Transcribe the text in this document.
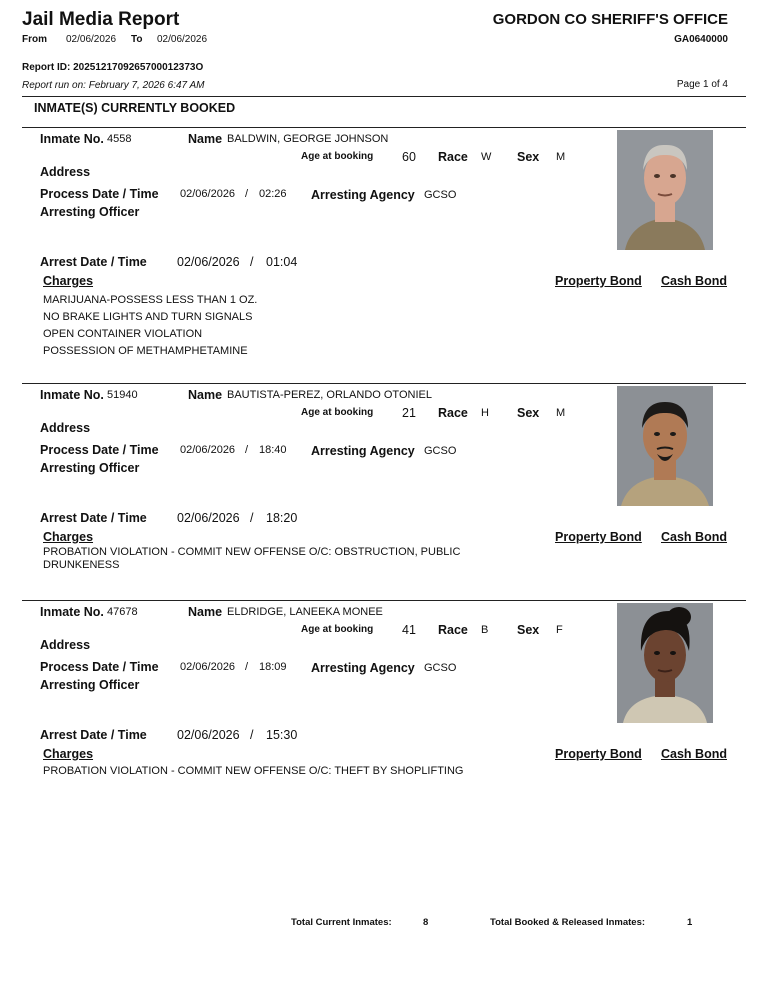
Jail Media Report	GORDON CO SHERIFF'S OFFICE
From 02/06/2026 To 02/06/2026	GA0640000
Report ID: 2025121709265700012373O
Report run on: February 7, 2026 6:47 AM	Page 1 of 4
INMATE(S) CURRENTLY BOOKED
Inmate No. 4558	Name BALDWIN, GEORGE JOHNSON
Age at booking 60 Race W Sex M
Address
Process Date / Time 02/06/2026 / 02:26 Arresting Agency GCSO
Arresting Officer
Arrest Date / Time 02/06/2026 / 01:04
Charges	Property Bond Cash Bond
MARIJUANA-POSSESS LESS THAN 1 OZ.
NO BRAKE LIGHTS AND TURN SIGNALS
OPEN CONTAINER VIOLATION
POSSESSION OF METHAMPHETAMINE
Inmate No. 51940	Name BAUTISTA-PEREZ, ORLANDO OTONIEL
Age at booking 21 Race H Sex M
Address
Process Date / Time 02/06/2026 / 18:40 Arresting Agency GCSO
Arresting Officer
Arrest Date / Time 02/06/2026 / 18:20
Charges	Property Bond Cash Bond
PROBATION VIOLATION - COMMIT NEW OFFENSE O/C: OBSTRUCTION, PUBLIC
DRUNKENESS
Inmate No. 47678	Name ELDRIDGE, LANEEKA MONEE
Age at booking 41 Race B Sex F
Address
Process Date / Time 02/06/2026 / 18:09 Arresting Agency GCSO
Arresting Officer
Arrest Date / Time 02/06/2026 / 15:30
Charges	Property Bond Cash Bond
PROBATION VIOLATION - COMMIT NEW OFFENSE O/C: THEFT BY SHOPLIFTING
Total Current Inmates:	8	Total Booked & Released Inmates:	1
